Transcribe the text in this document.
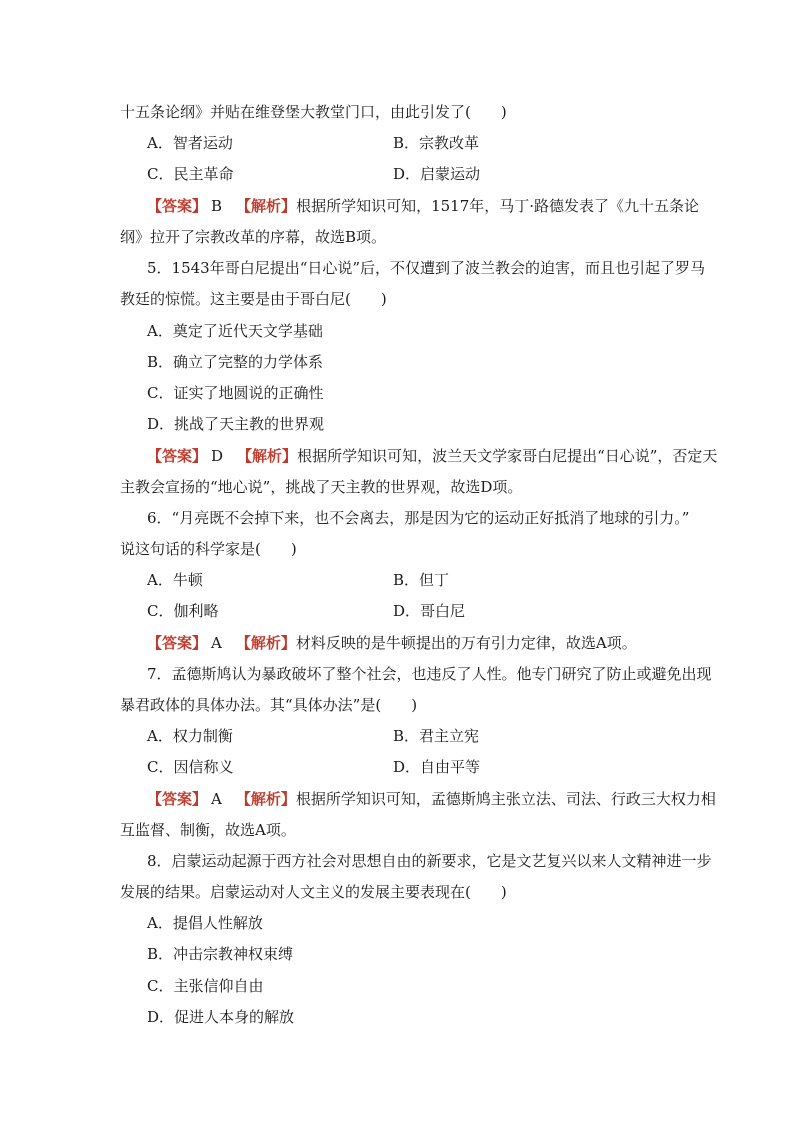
十五条论纲》并贴在维登堡大教堂门口，由此引发了(　　)
A．智者运动	B．宗教改革
C．民主革命	D．启蒙运动
【答案】 B 【解析】根据所学知识可知，1517年，马丁·路德发表了《九十五条论
纲》拉开了宗教改革的序幕，故选B项。
5．1543年哥白尼提出“日心说”后，不仅遭到了波兰教会的迫害，而且也引起了罗马
教廷的惊慌。这主要是由于哥白尼(　　)
A．奠定了近代天文学基础
B．确立了完整的力学体系
C．证实了地圆说的正确性
D．挑战了天主教的世界观
【答案】 D 【解析】根据所学知识可知，波兰天文学家哥白尼提出“日心说”，否定天
主教会宣扬的“地心说”，挑战了天主教的世界观，故选D项。
6．“月亮既不会掉下来，也不会离去，那是因为它的运动正好抵消了地球的引力。”
说这句话的科学家是(　　)
A．牛顿	B．但丁
C．伽利略	D．哥白尼
【答案】 A 【解析】材料反映的是牛顿提出的万有引力定律，故选A项。
7．孟德斯鸠认为暴政破坏了整个社会，也违反了人性。他专门研究了防止或避免出现
暴君政体的具体办法。其“具体办法”是(　　)
A．权力制衡	B．君主立宪
C．因信称义	D．自由平等
【答案】 A 【解析】根据所学知识可知，孟德斯鸠主张立法、司法、行政三大权力相
互监督、制衡，故选A项。
8．启蒙运动起源于西方社会对思想自由的新要求，它是文艺复兴以来人文精神进一步
发展的结果。启蒙运动对人文主义的发展主要表现在(　　)
A．提倡人性解放
B．冲击宗教神权束缚
C．主张信仰自由
D．促进人本身的解放
